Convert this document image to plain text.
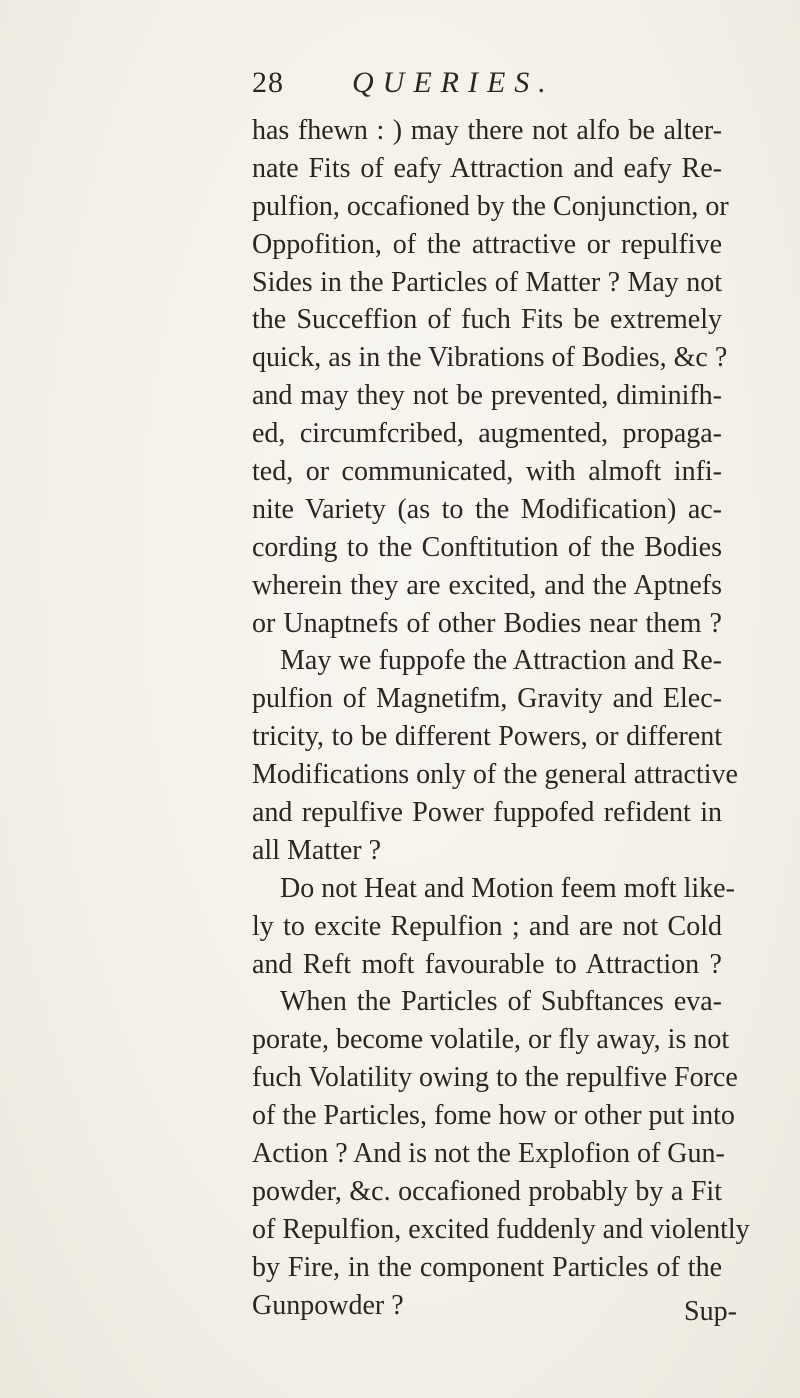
28 QUERIES.
has fhewn : ) may there not alfo be alter-
nate Fits of eafy Attraction and eafy Re-
pulfion, occafioned by the Conjunction, or
Oppofition, of the attractive or repulfive
Sides in the Particles of Matter ? May not
the Succeffion of fuch Fits be extremely
quick, as in the Vibrations of Bodies, &c ?
and may they not be prevented, diminifh-
ed, circumfcribed, augmented, propaga-
ted, or communicated, with almoft infi-
nite Variety (as to the Modification) ac-
cording to the Conftitution of the Bodies
wherein they are excited, and the Aptnefs
or Unaptnefs of other Bodies near them ?
May we fuppofe the Attraction and Re-
pulfion of Magnetifm, Gravity and Elec-
tricity, to be different Powers, or different
Modifications only of the general attractive
and repulfive Power fuppofed refident in
all Matter ?
Do not Heat and Motion feem moft like-
ly to excite Repulfion ; and are not Cold
and Reft moft favourable to Attraction ?
When the Particles of Subftances eva-
porate, become volatile, or fly away, is not
fuch Volatility owing to the repulfive Force
of the Particles, fome how or other put into
Action ? And is not the Explofion of Gun-
powder, &c. occafioned probably by a Fit
of Repulfion, excited fuddenly and violently
by Fire, in the component Particles of the
Gunpowder ?	Sup-
